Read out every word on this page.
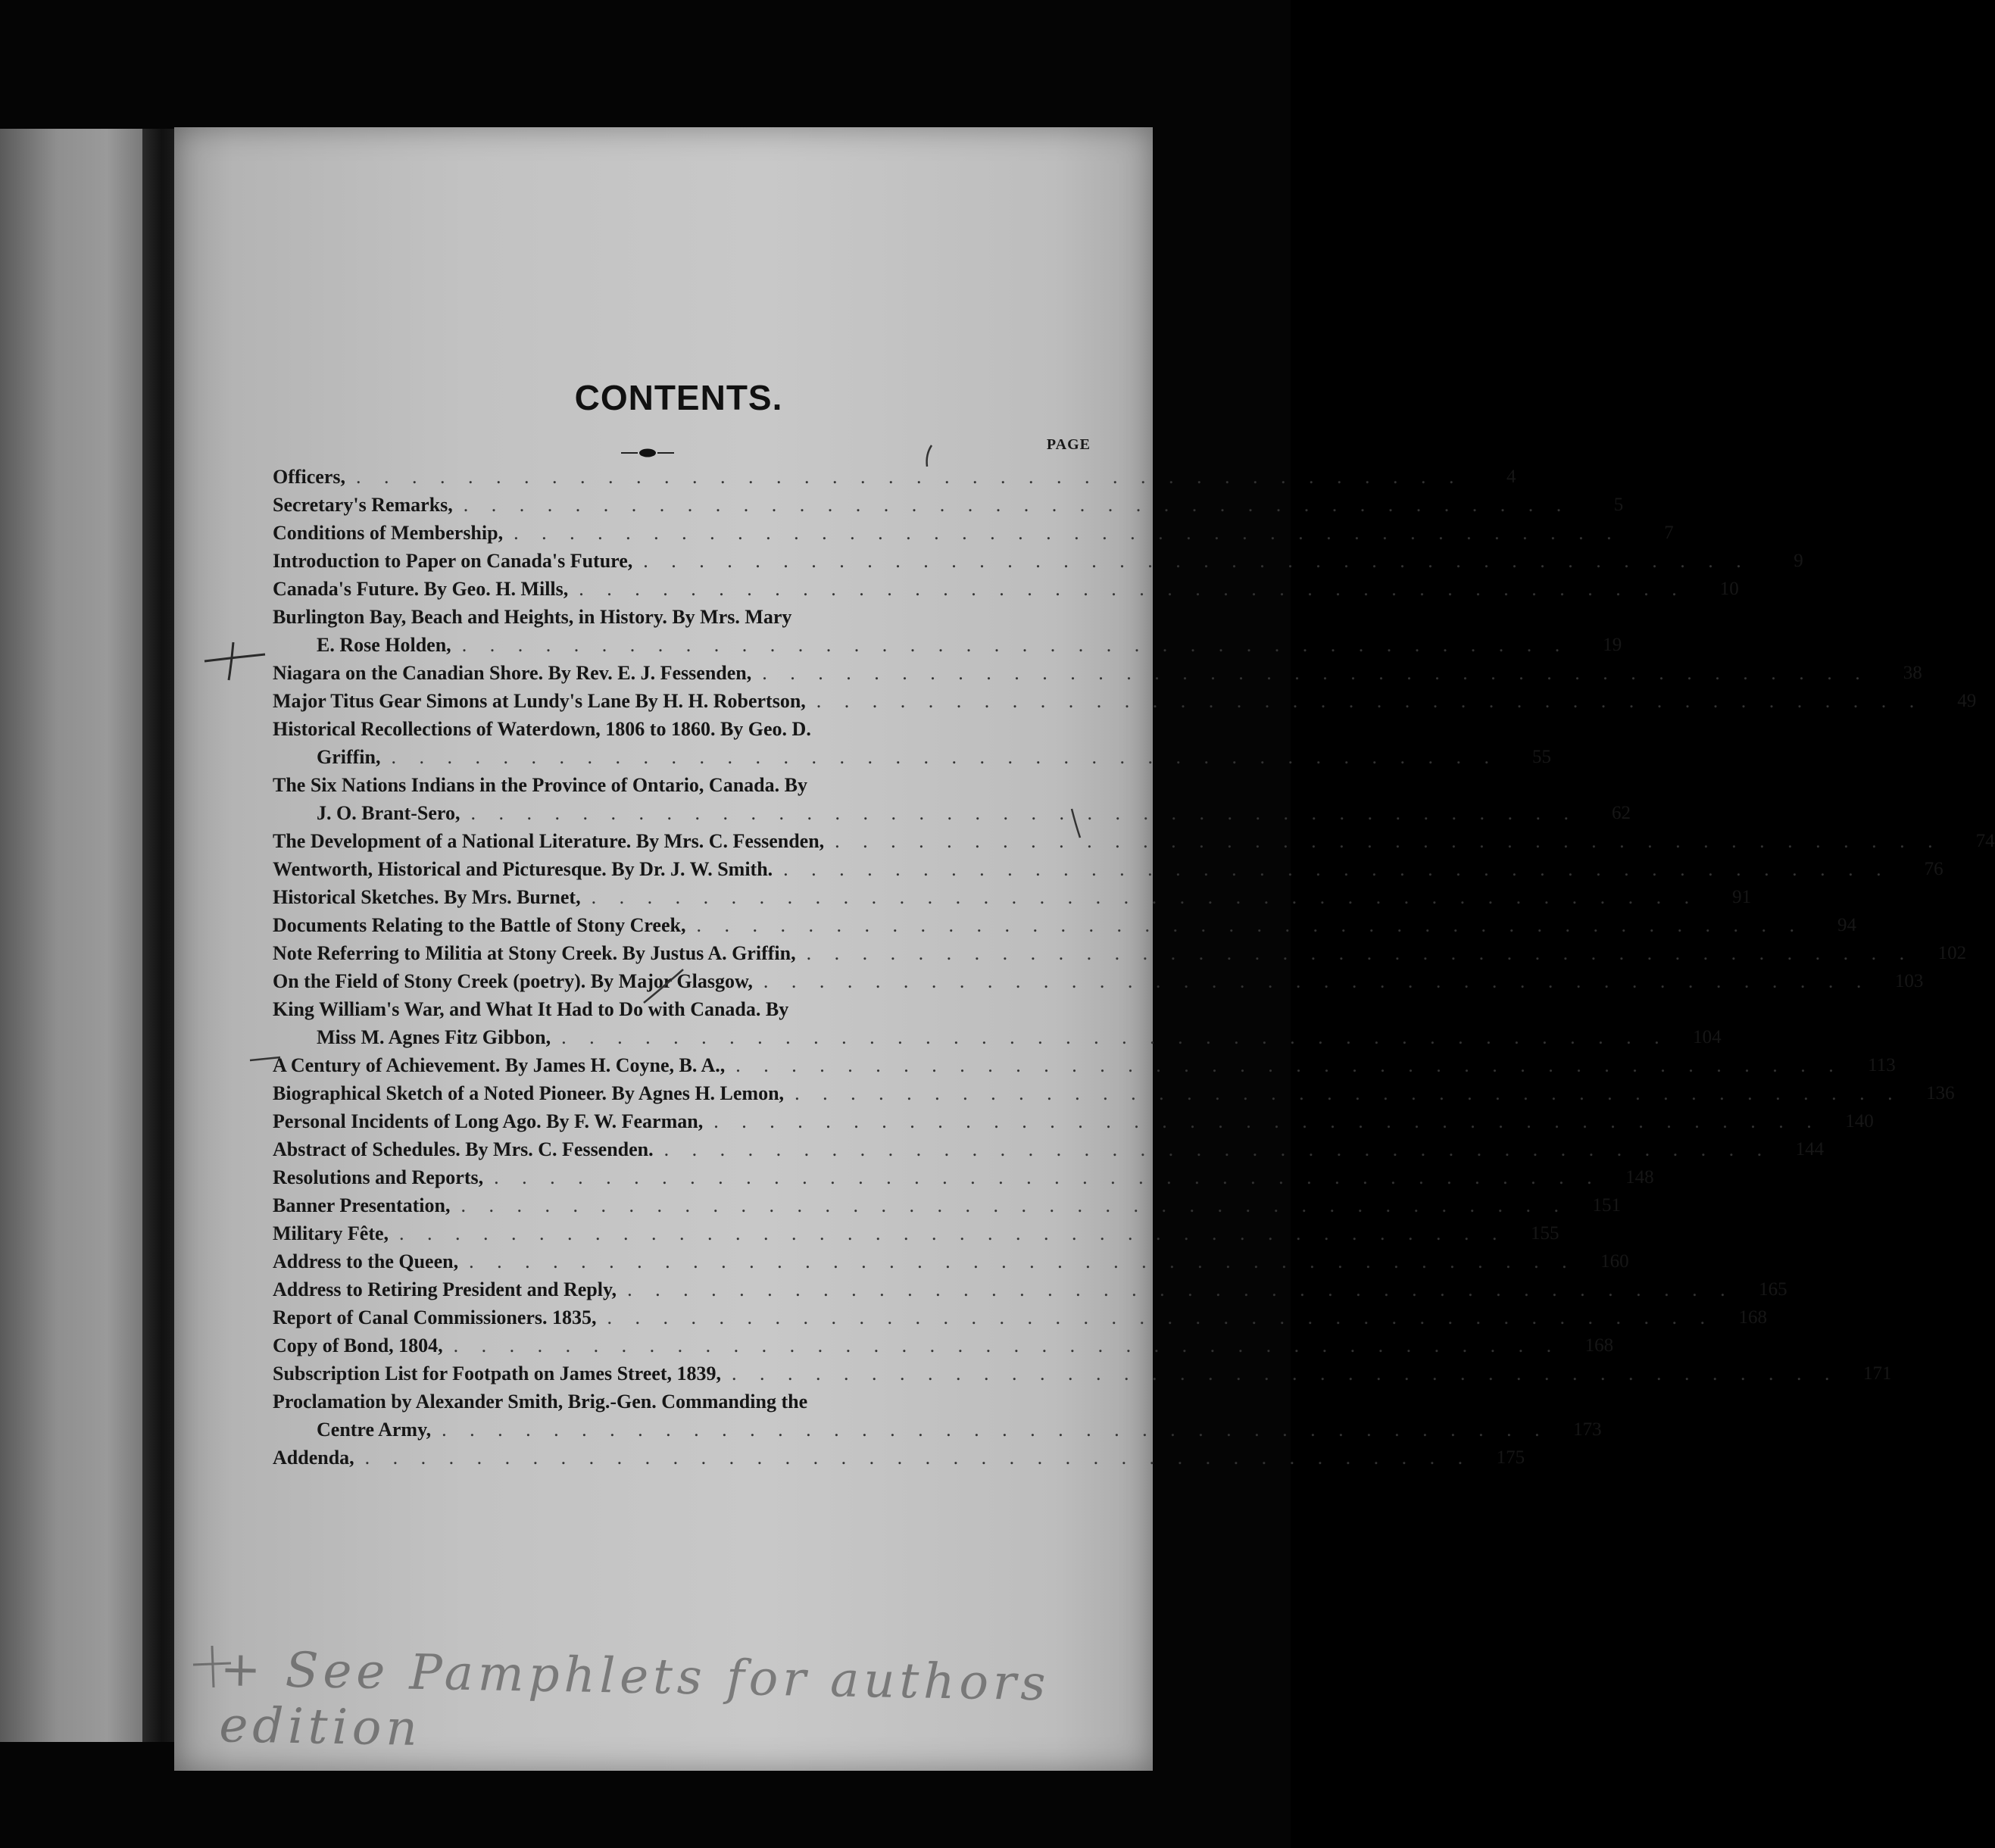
CONTENTS.
PAGE
Officers, . . . . . . . . . . . . . . . . . . . . . . . . . . . . . . . . . . . . . . . .	4
Secretary's Remarks, . . . . . . . . . . . . . . . . . . . . . . . . . . . . . . . . . . . . . . . .	5
Conditions of Membership, . . . . . . . . . . . . . . . . . . . . . . . . . . . . . . . . . . . . . . . .	7
Introduction to Paper on Canada's Future, . . . . . . . . . . . . . . . . . . . . . . . . . . . . . . . . . . . . . . . .	9
Canada's Future. By Geo. H. Mills, . . . . . . . . . . . . . . . . . . . . . . . . . . . . . . . . . . . . . . . .	10
Burlington Bay, Beach and Heights, in History. By Mrs. Mary
E. Rose Holden, . . . . . . . . . . . . . . . . . . . . . . . . . . . . . . . . . . . . . . . .	19
Niagara on the Canadian Shore. By Rev. E. J. Fessenden, . . . . . . . . . . . . . . . . . . . . . . . . . . . . . . . . . . . . . . . .	38
Major Titus Gear Simons at Lundy's Lane By H. H. Robertson, . . . . . . . . . . . . . . . . . . . . . . . . . . . . . . . . . . . . . . . .	49
Historical Recollections of Waterdown, 1806 to 1860. By Geo. D.
Griffin, . . . . . . . . . . . . . . . . . . . . . . . . . . . . . . . . . . . . . . . .	55
The Six Nations Indians in the Province of Ontario, Canada. By
J. O. Brant-Sero, . . . . . . . . . . . . . . . . . . . . . . . . . . . . . . . . . . . . . . . .	62
The Development of a National Literature. By Mrs. C. Fessenden, . . . . . . . . . . . . . . . . . . . . . . . . . . . . . . . . . . . . . . . .	74
Wentworth, Historical and Picturesque. By Dr. J. W. Smith. . . . . . . . . . . . . . . . . . . . . . . . . . . . . . . . . . . . . . . . .	76
Historical Sketches. By Mrs. Burnet, . . . . . . . . . . . . . . . . . . . . . . . . . . . . . . . . . . . . . . . .	91
Documents Relating to the Battle of Stony Creek, . . . . . . . . . . . . . . . . . . . . . . . . . . . . . . . . . . . . . . . .	94
Note Referring to Militia at Stony Creek. By Justus A. Griffin, . . . . . . . . . . . . . . . . . . . . . . . . . . . . . . . . . . . . . . . .	102
On the Field of Stony Creek (poetry). By Major Glasgow, . . . . . . . . . . . . . . . . . . . . . . . . . . . . . . . . . . . . . . . .	103
King William's War, and What It Had to Do with Canada. By
Miss M. Agnes Fitz Gibbon, . . . . . . . . . . . . . . . . . . . . . . . . . . . . . . . . . . . . . . . .	104
A Century of Achievement. By James H. Coyne, B. A., . . . . . . . . . . . . . . . . . . . . . . . . . . . . . . . . . . . . . . . .	113
Biographical Sketch of a Noted Pioneer. By Agnes H. Lemon, . . . . . . . . . . . . . . . . . . . . . . . . . . . . . . . . . . . . . . . .	136
Personal Incidents of Long Ago. By F. W. Fearman, . . . . . . . . . . . . . . . . . . . . . . . . . . . . . . . . . . . . . . . .	140
Abstract of Schedules. By Mrs. C. Fessenden. . . . . . . . . . . . . . . . . . . . . . . . . . . . . . . . . . . . . . . . .	144
Resolutions and Reports, . . . . . . . . . . . . . . . . . . . . . . . . . . . . . . . . . . . . . . . .	148
Banner Presentation, . . . . . . . . . . . . . . . . . . . . . . . . . . . . . . . . . . . . . . . .	151
Military Fête, . . . . . . . . . . . . . . . . . . . . . . . . . . . . . . . . . . . . . . . .	155
Address to the Queen, . . . . . . . . . . . . . . . . . . . . . . . . . . . . . . . . . . . . . . . .	160
Address to Retiring President and Reply, . . . . . . . . . . . . . . . . . . . . . . . . . . . . . . . . . . . . . . . .	165
Report of Canal Commissioners. 1835, . . . . . . . . . . . . . . . . . . . . . . . . . . . . . . . . . . . . . . . .	168
Copy of Bond, 1804, . . . . . . . . . . . . . . . . . . . . . . . . . . . . . . . . . . . . . . . .	168
Subscription List for Footpath on James Street, 1839, . . . . . . . . . . . . . . . . . . . . . . . . . . . . . . . . . . . . . . . .	171
Proclamation by Alexander Smith, Brig.-Gen. Commanding the
Centre Army, . . . . . . . . . . . . . . . . . . . . . . . . . . . . . . . . . . . . . . . .	173
Addenda, . . . . . . . . . . . . . . . . . . . . . . . . . . . . . . . . . . . . . . . .	175
+ See Pamphlets for authors edition
